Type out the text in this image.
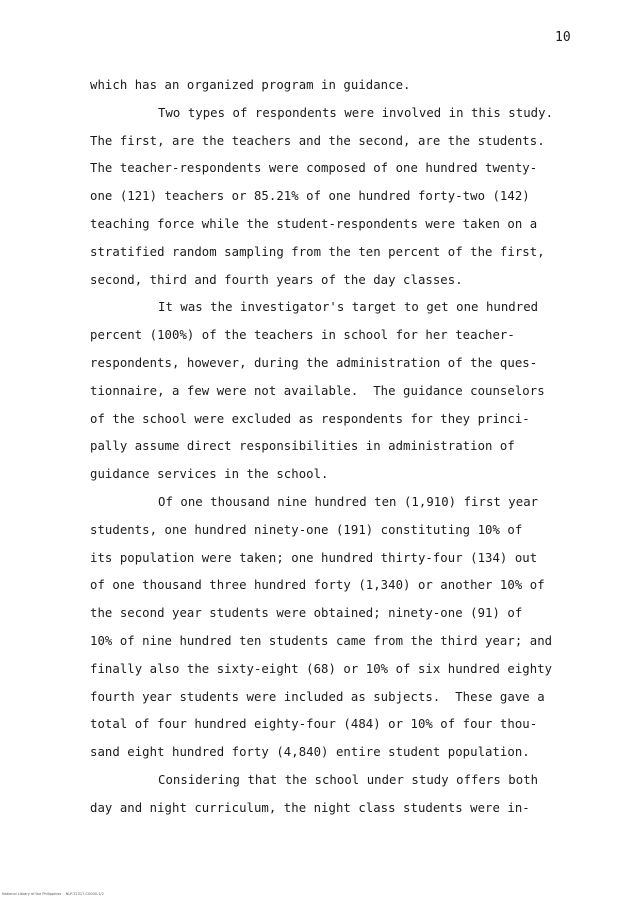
10
which has an organized program in guidance.
Two types of respondents were involved in this study.
The first, are the teachers and the second, are the students.
The teacher-respondents were composed of one hundred twenty-
one (121) teachers or 85.21% of one hundred forty-two (142)
teaching force while the student-respondents were taken on a
stratified random sampling from the ten percent of the first,
second, third and fourth years of the day classes.
It was the investigator's target to get one hundred
percent (100%) of the teachers in school for her teacher-
respondents, however, during the administration of the ques-
tionnaire, a few were not available.  The guidance counselors
of the school were excluded as respondents for they princi-
pally assume direct responsibilities in administration of
guidance services in the school.
Of one thousand nine hundred ten (1,910) first year
students, one hundred ninety-one (191) constituting 10% of
its population were taken; one hundred thirty-four (134) out
of one thousand three hundred forty (1,340) or another 10% of
the second year students were obtained; ninety-one (91) of
10% of nine hundred ten students came from the third year; and
finally also the sixty-eight (68) or 10% of six hundred eighty
fourth year students were included as subjects.  These gave a
total of four hundred eighty-four (484) or 10% of four thou-
sand eight hundred forty (4,840) entire student population.
Considering that the school under study offers both
day and night curriculum, the night class students were in-
National Library of the Philippines    NLP-T2317-C0000-1/2
